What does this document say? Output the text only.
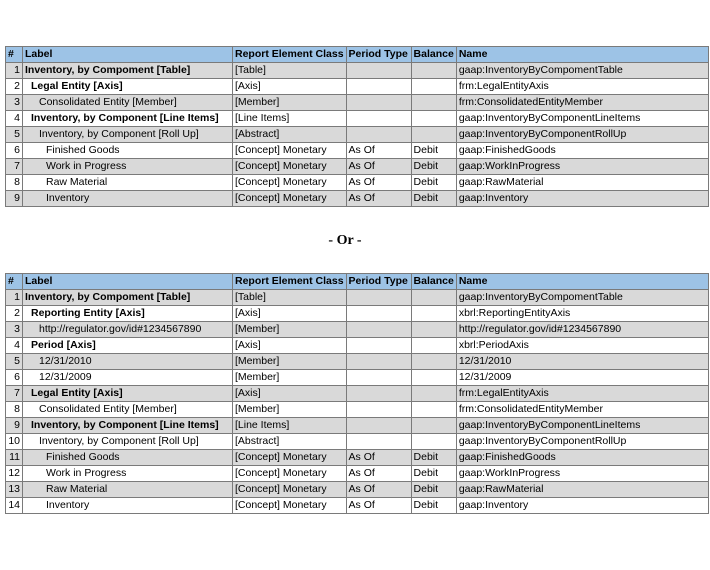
#	Label	Report Element Class	Period Type	Balance	Name
1	Inventory, by Compoment [Table]	[Table]			gaap:InventoryByCompomentTable
2	Legal Entity [Axis]	[Axis]			frm:LegalEntityAxis
3	Consolidated Entity [Member]	[Member]			frm:ConsolidatedEntityMember
4	Inventory, by Component [Line Items]	[Line Items]			gaap:InventoryByComponentLineItems
5	Inventory, by Component [Roll Up]	[Abstract]			gaap:InventoryByComponentRollUp
6	Finished Goods	[Concept] Monetary	As Of	Debit	gaap:FinishedGoods
7	Work in Progress	[Concept] Monetary	As Of	Debit	gaap:WorkInProgress
8	Raw Material	[Concept] Monetary	As Of	Debit	gaap:RawMaterial
9	Inventory	[Concept] Monetary	As Of	Debit	gaap:Inventory
- Or -
#	Label	Report Element Class	Period Type	Balance	Name
1	Inventory, by Compoment [Table]	[Table]			gaap:InventoryByCompomentTable
2	Reporting Entity [Axis]	[Axis]			xbrl:ReportingEntityAxis
3	http://regulator.gov/id#1234567890	[Member]			http://regulator.gov/id#1234567890
4	Period [Axis]	[Axis]			xbrl:PeriodAxis
5	12/31/2010	[Member]			12/31/2010
6	12/31/2009	[Member]			12/31/2009
7	Legal Entity [Axis]	[Axis]			frm:LegalEntityAxis
8	Consolidated Entity [Member]	[Member]			frm:ConsolidatedEntityMember
9	Inventory, by Component [Line Items]	[Line Items]			gaap:InventoryByComponentLineItems
10	Inventory, by Component [Roll Up]	[Abstract]			gaap:InventoryByComponentRollUp
11	Finished Goods	[Concept] Monetary	As Of	Debit	gaap:FinishedGoods
12	Work in Progress	[Concept] Monetary	As Of	Debit	gaap:WorkInProgress
13	Raw Material	[Concept] Monetary	As Of	Debit	gaap:RawMaterial
14	Inventory	[Concept] Monetary	As Of	Debit	gaap:Inventory
